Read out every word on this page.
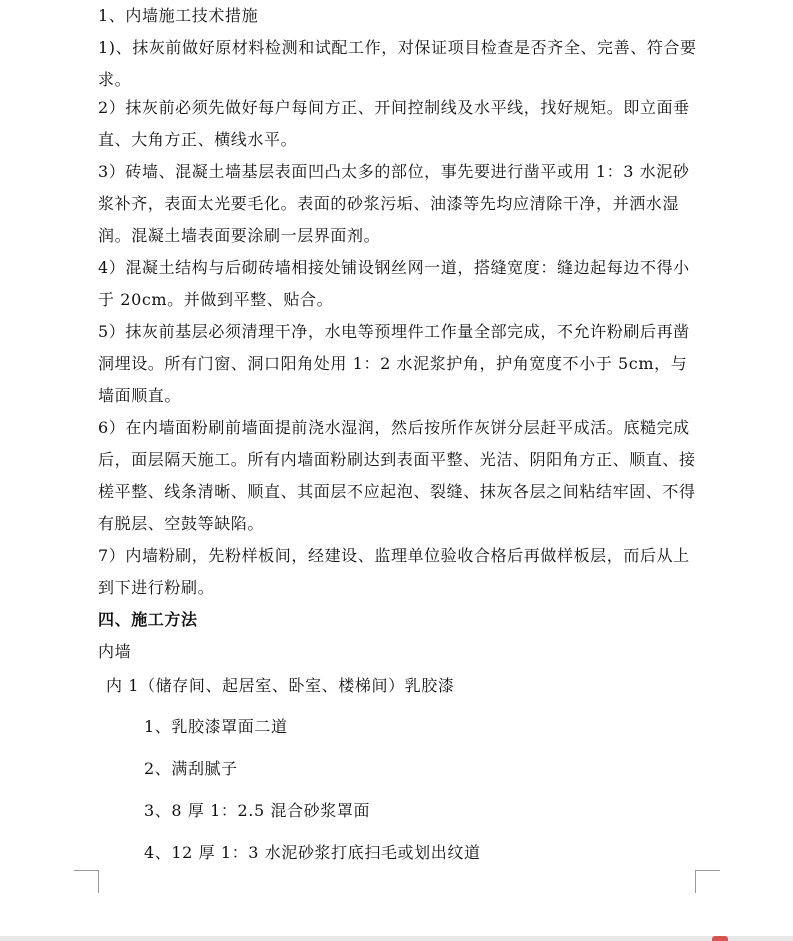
1、内墙施工技术措施

1)、抹灰前做好原材料检测和试配工作，对保证项目检查是否齐全、完善、符合要求。

2）抹灰前必须先做好每户每间方正、开间控制线及水平线，找好规矩。即立面垂直、大角方正、横线水平。

3）砖墙、混凝土墙基层表面凹凸太多的部位，事先要进行凿平或用 1：3 水泥砂浆补齐，表面太光要毛化。表面的砂浆污垢、油漆等先均应清除干净，并洒水湿润。混凝土墙表面要涂刷一层界面剂。

4）混凝土结构与后砌砖墙相接处铺设钢丝网一道，搭缝宽度：缝边起每边不得小于 20cm。并做到平整、贴合。

5）抹灰前基层必须清理干净，水电等预埋件工作量全部完成，不允许粉刷后再凿洞埋设。所有门窗、洞口阳角处用 1：2 水泥浆护角，护角宽度不小于 5cm，与墙面顺直。

6）在内墙面粉刷前墙面提前浇水湿润，然后按所作灰饼分层赶平成活。底糙完成后，面层隔天施工。所有内墙面粉刷达到表面平整、光洁、阴阳角方正、顺直、接槎平整、线条清晰、顺直、其面层不应起泡、裂缝、抹灰各层之间粘结牢固、不得有脱层、空鼓等缺陷。

7）内墙粉刷，先粉样板间，经建设、监理单位验收合格后再做样板层，而后从上到下进行粉刷。

四、施工方法

内墙

内 1（储存间、起居室、卧室、楼梯间）乳胶漆

1、乳胶漆罩面二道

2、满刮腻子

3、8 厚 1：2.5 混合砂浆罩面

4、12 厚 1：3 水泥砂浆打底扫毛或划出纹道
